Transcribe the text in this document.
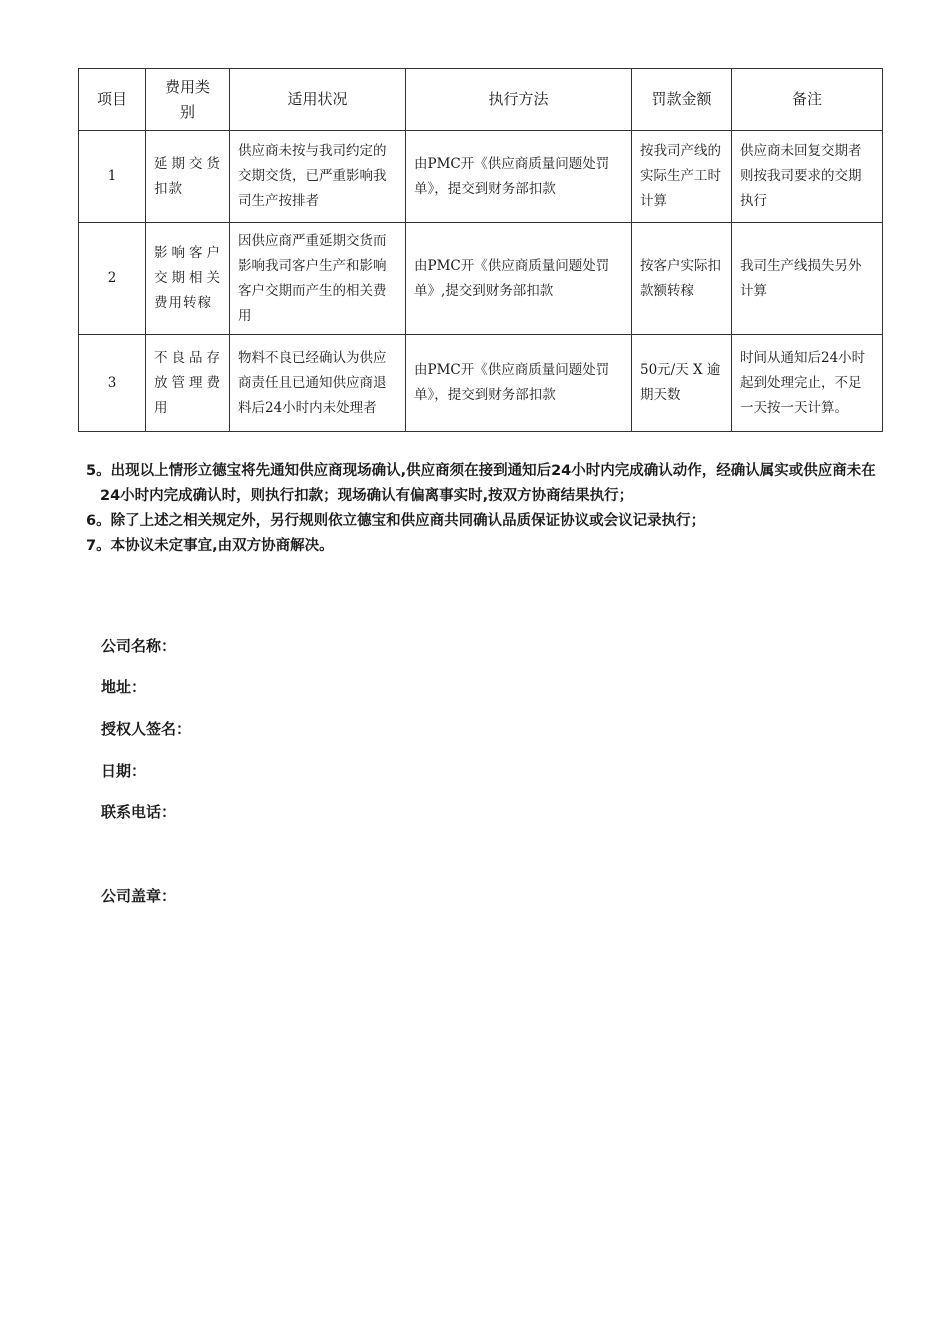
项目	费用类别	适用状况	执行方法	罚款金额	备注
1	延期交货扣款	供应商未按与我司约定的交期交货，已严重影响我司生产按排者	由PMC开《供应商质量问题处罚单》，提交到财务部扣款	按我司产线的实际生产工时计算	供应商未回复交期者则按我司要求的交期执行
2	影响客户交期相关费用转稼	因供应商严重延期交货而影响我司客户生产和影响客户交期而产生的相关费用	由PMC开《供应商质量问题处罚单》,提交到财务部扣款	按客户实际扣款额转稼	我司生产线损失另外计算
3	不良品存放管理费用	物料不良已经确认为供应商责任且已通知供应商退料后24小时内未处理者	由PMC开《供应商质量问题处罚单》，提交到财务部扣款	50元/天 X 逾期天数	时间从通知后24小时起到处理完止，不足一天按一天计算。

5。出现以上情形立德宝将先通知供应商现场确认,供应商须在接到通知后24小时内完成确认动作，经确认属实或供应商未在24小时内完成确认时，则执行扣款；现场确认有偏离事实时,按双方协商结果执行；

6。除了上述之相关规定外，另行规则依立德宝和供应商共同确认品质保证协议或会议记录执行；

7。本协议未定事宜,由双方协商解决。

公司名称：
地址：
授权人签名：
日期：
联系电话：
公司盖章：
